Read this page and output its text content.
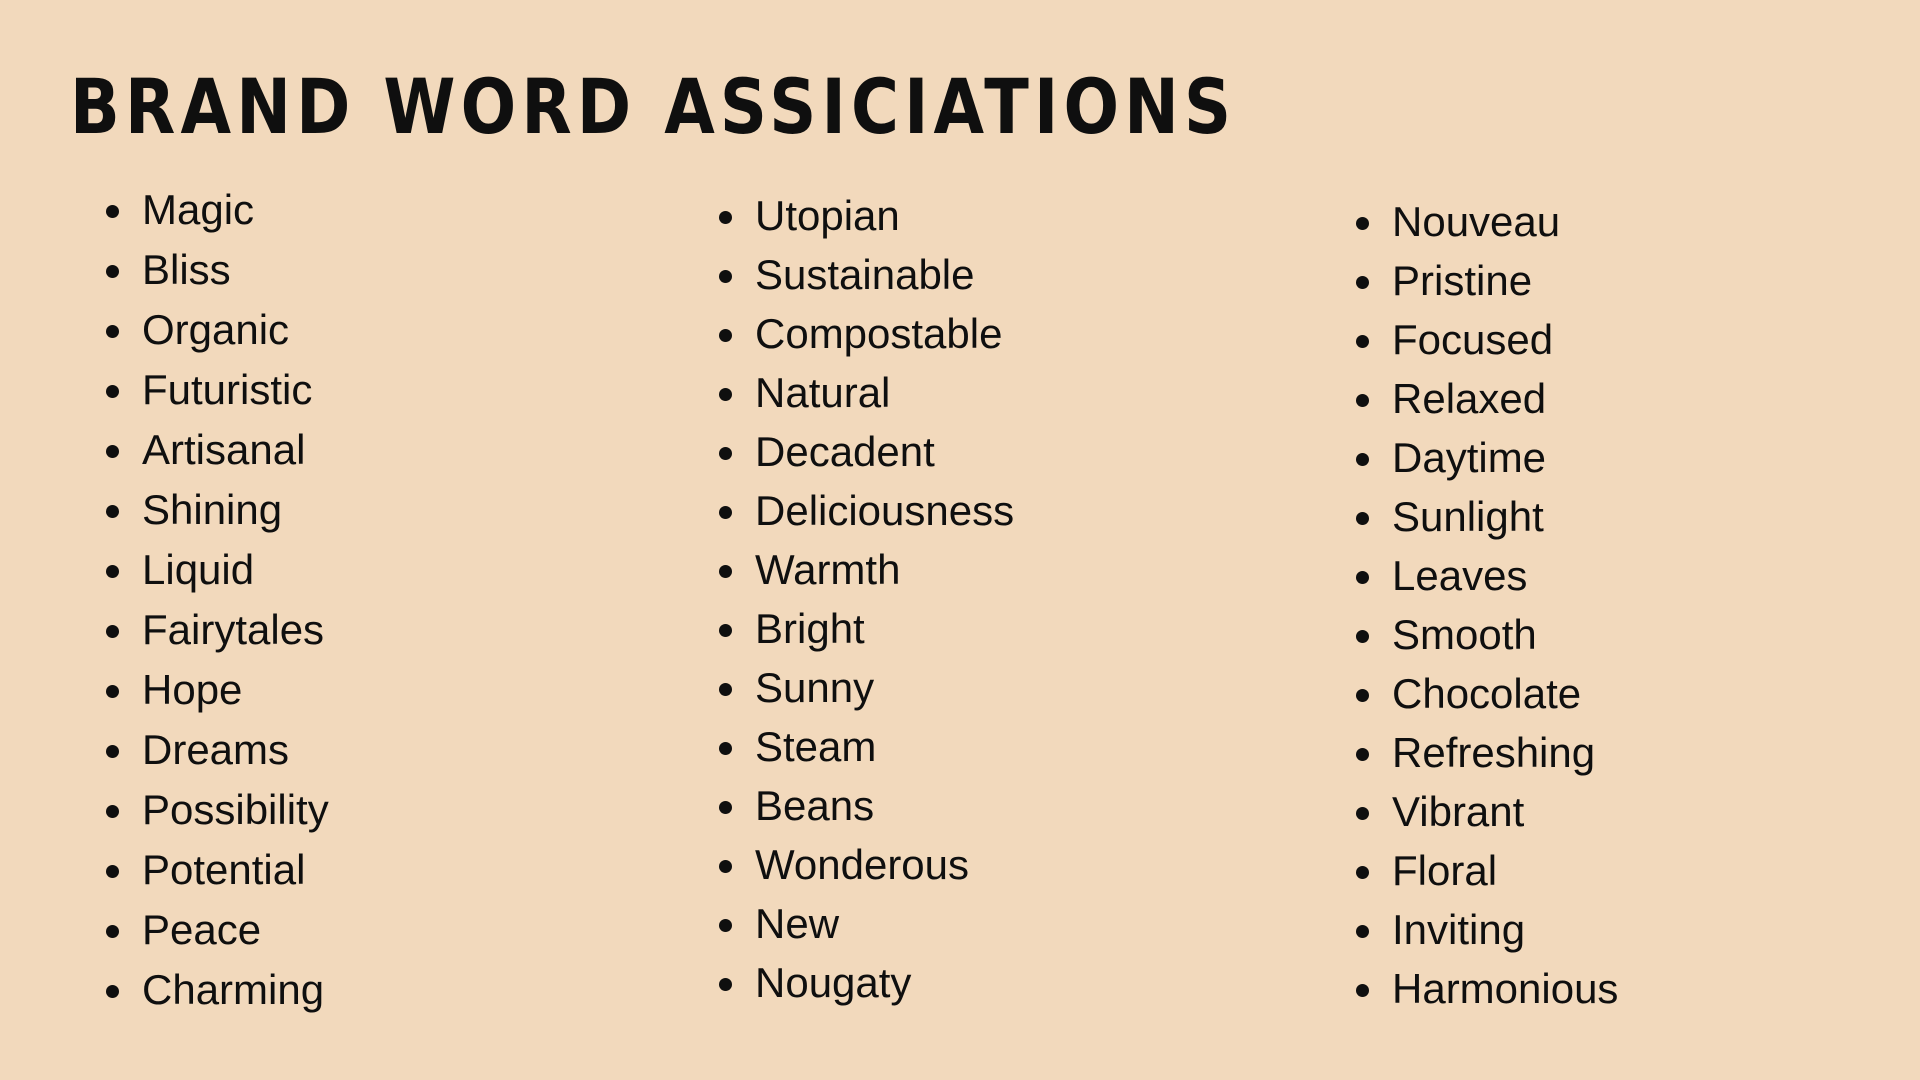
BRAND WORD ASSICIATIONS
Magic
Bliss
Organic
Futuristic
Artisanal
Shining
Liquid
Fairytales
Hope
Dreams
Possibility
Potential
Peace
Charming
Utopian
Sustainable
Compostable
Natural
Decadent
Deliciousness
Warmth
Bright
Sunny
Steam
Beans
Wonderous
New
Nougaty
Nouveau
Pristine
Focused
Relaxed
Daytime
Sunlight
Leaves
Smooth
Chocolate
Refreshing
Vibrant
Floral
Inviting
Harmonious
